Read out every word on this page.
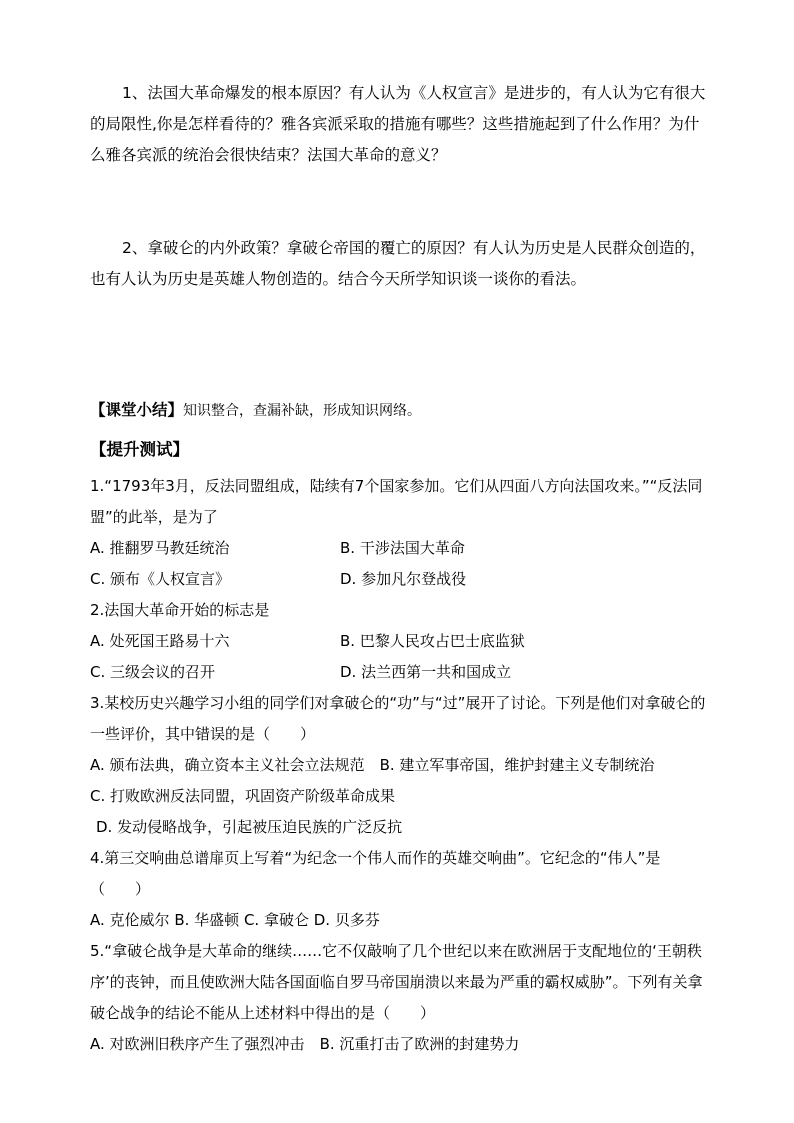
1、法国大革命爆发的根本原因？有人认为《人权宣言》是进步的，有人认为它有很大的局限性,你是怎样看待的？雅各宾派采取的措施有哪些？这些措施起到了什么作用？为什么雅各宾派的统治会很快结束？法国大革命的意义？
2、拿破仑的内外政策？拿破仑帝国的覆亡的原因？有人认为历史是人民群众创造的，也有人认为历史是英雄人物创造的。结合今天所学知识谈一谈你的看法。
【课堂小结】知识整合，查漏补缺，形成知识网络。
【提升测试】
1.“1793年3月，反法同盟组成，陆续有7个国家参加。它们从四面八方向法国攻来。”“反法同盟”的此举，是为了
A. 推翻罗马教廷统治	B. 干涉法国大革命
C. 颁布《人权宣言》	D. 参加凡尔登战役
2.法国大革命开始的标志是
A. 处死国王路易十六	B. 巴黎人民攻占巴士底监狱
C. 三级会议的召开	D. 法兰西第一共和国成立
3.某校历史兴趣学习小组的同学们对拿破仑的“功”与“过”展开了讨论。下列是他们对拿破仑的一些评价，其中错误的是（　　）
A. 颁布法典，确立资本主义社会立法规范　 B. 建立军事帝国，维护封建主义专制统治
C. 打败欧洲反法同盟，巩固资产阶级革命成果
D. 发动侵略战争，引起被压迫民族的广泛反抗
4.第三交响曲总谱扉页上写着“为纪念一个伟人而作的英雄交响曲”。它纪念的“伟人”是（　　）
A. 克伦威尔 B. 华盛顿 C. 拿破仑 D. 贝多芬
5.“拿破仑战争是大革命的继续……它不仅敲响了几个世纪以来在欧洲居于支配地位的‘王朝秩序’的丧钟，而且使欧洲大陆各国面临自罗马帝国崩溃以来最为严重的霸权威胁”。下列有关拿破仑战争的结论不能从上述材料中得出的是（　　）
A. 对欧洲旧秩序产生了强烈冲击　 B. 沉重打击了欧洲的封建势力
